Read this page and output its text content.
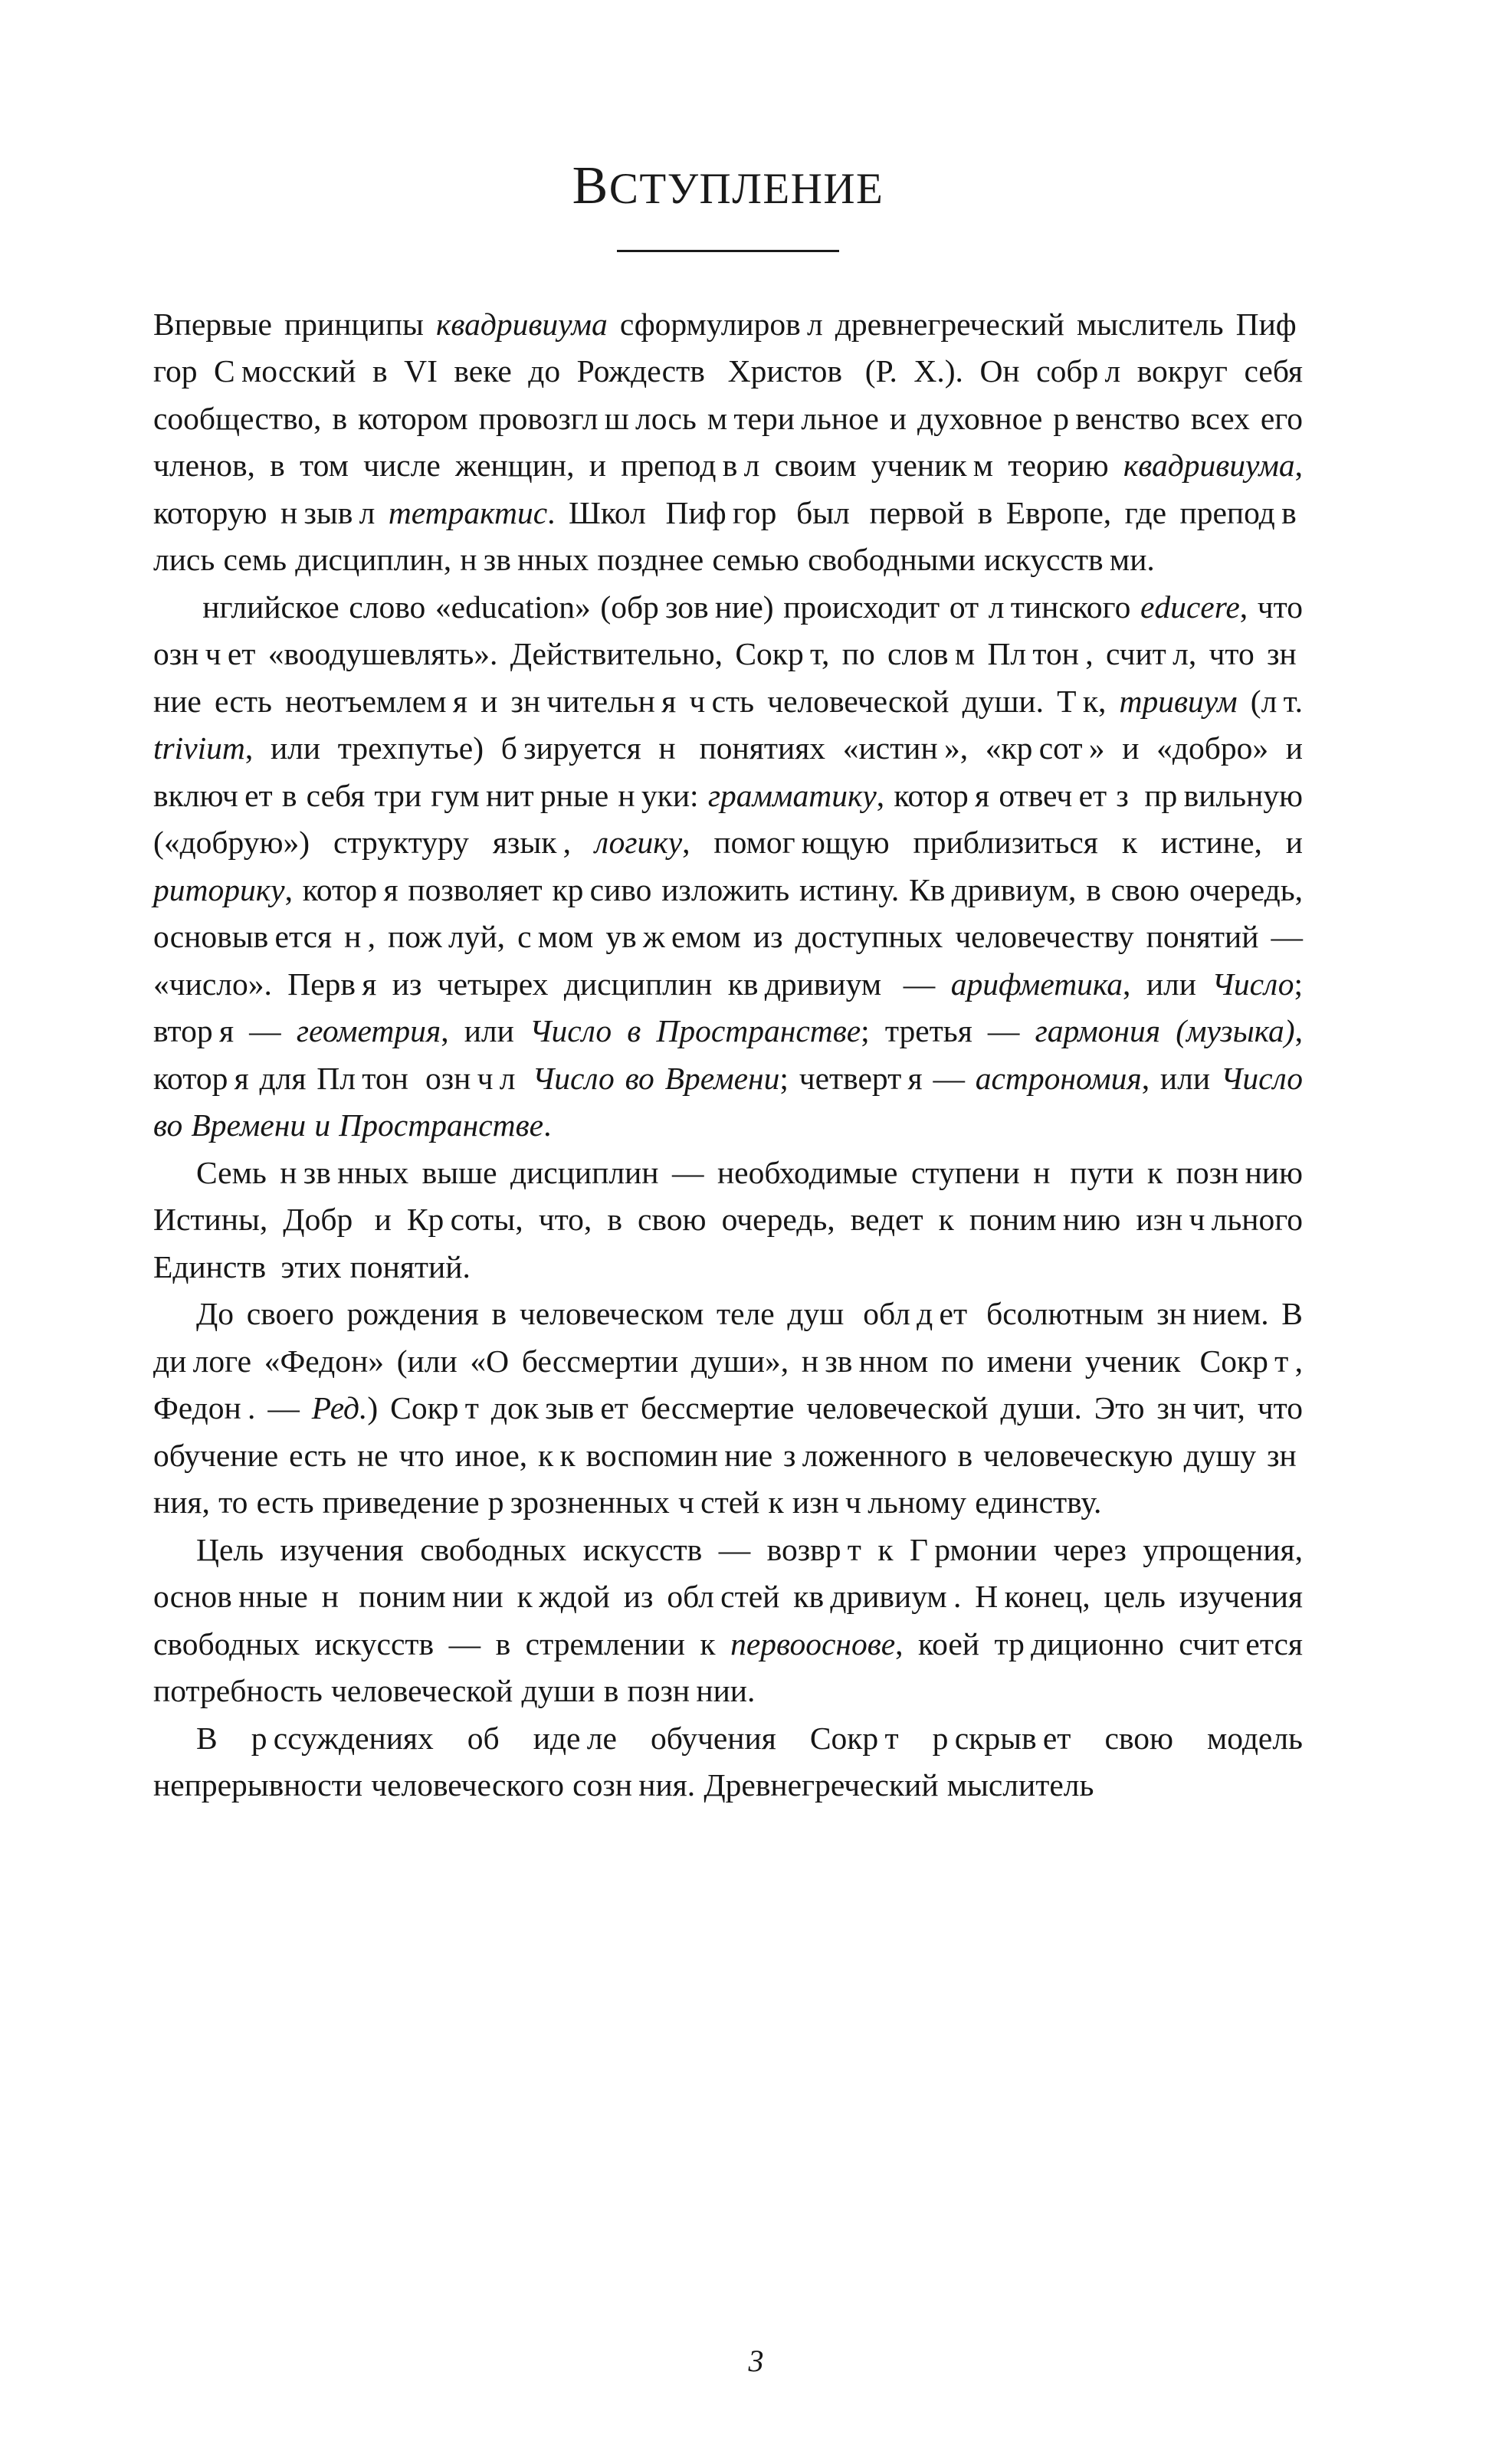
ВСТУПЛЕНИЕ

Впервые принципы квадривиума сформулиров л древнегреческий мыслитель Пиф гор С мосский в VI веке до Рождеств  Христов  (Р. Х.). Он собр л вокруг себя сообщество, в котором провозгл ш лось м тери льное и духовное р венство всех его членов, в том числе женщин, и препод в л своим ученик м теорию квадривиума, которую н зыв л тетрактис. Школ  Пиф гор  был  первой в Европе, где препод в лись семь дисциплин, н зв нных позднее семью свободными искусств ми.

 нглийское слово «education» (обр зов ние) происходит от л тинского educere, что озн ч ет «воодушевлять». Действительно, Сокр т, по слов м Пл тон , счит л, что зн ние есть неотъемлем я и зн чительн я ч сть человеческой души. Т к, тривиум (л т. trivium, или трехпутье) б зируется н  понятиях «истин », «кр сот » и «добро» и включ ет в себя три гум нит рные н уки: грамматику, котор я отвеч ет з  пр вильную («добрую») структуру язык , логику, помог ющую приблизиться к истине, и риторику, котор я позволяет кр сиво изложить истину. Кв дривиум, в свою очередь, основыв ется н , пож луй, с мом ув ж емом из доступных человечеству понятий — «число». Перв я из четырех дисциплин кв дривиум  — арифметика, или Число; втор я — геометрия, или Число в Пространстве; третья — гармония (музыка), котор я для Пл тон  озн ч л  Число во Времени; четверт я — астрономия, или Число во Времени и Пространстве.

Семь н зв нных выше дисциплин — необходимые ступени н  пути к позн нию Истины, Добр  и Кр соты, что, в свою очередь, ведет к поним нию изн ч льного Единств  этих понятий.

До своего рождения в человеческом теле душ  обл д ет  бсолютным зн нием. В ди логе «Федон» (или «О бессмертии души», н зв нном по имени ученик  Сокр т , Федон . — Ред.) Сокр т док зыв ет бессмертие человеческой души. Это зн чит, что обучение есть не что иное, к к воспомин ние з ложенного в человеческую душу зн ния, то есть приведение р зрозненных ч стей к изн ч льному единству.

Цель изучения свободных искусств — возвр т к Г рмонии через упрощения, основ нные н  поним нии к ждой из обл стей кв дривиум . Н конец, цель изучения свободных искусств — в стремлении к первооснове, коей тр диционно счит ется потребность человеческой души в позн нии.

В р ссуждениях об иде ле обучения Сокр т р скрыв ет свою модель непрерывности человеческого созн ния. Древнегреческий мыслитель

3
